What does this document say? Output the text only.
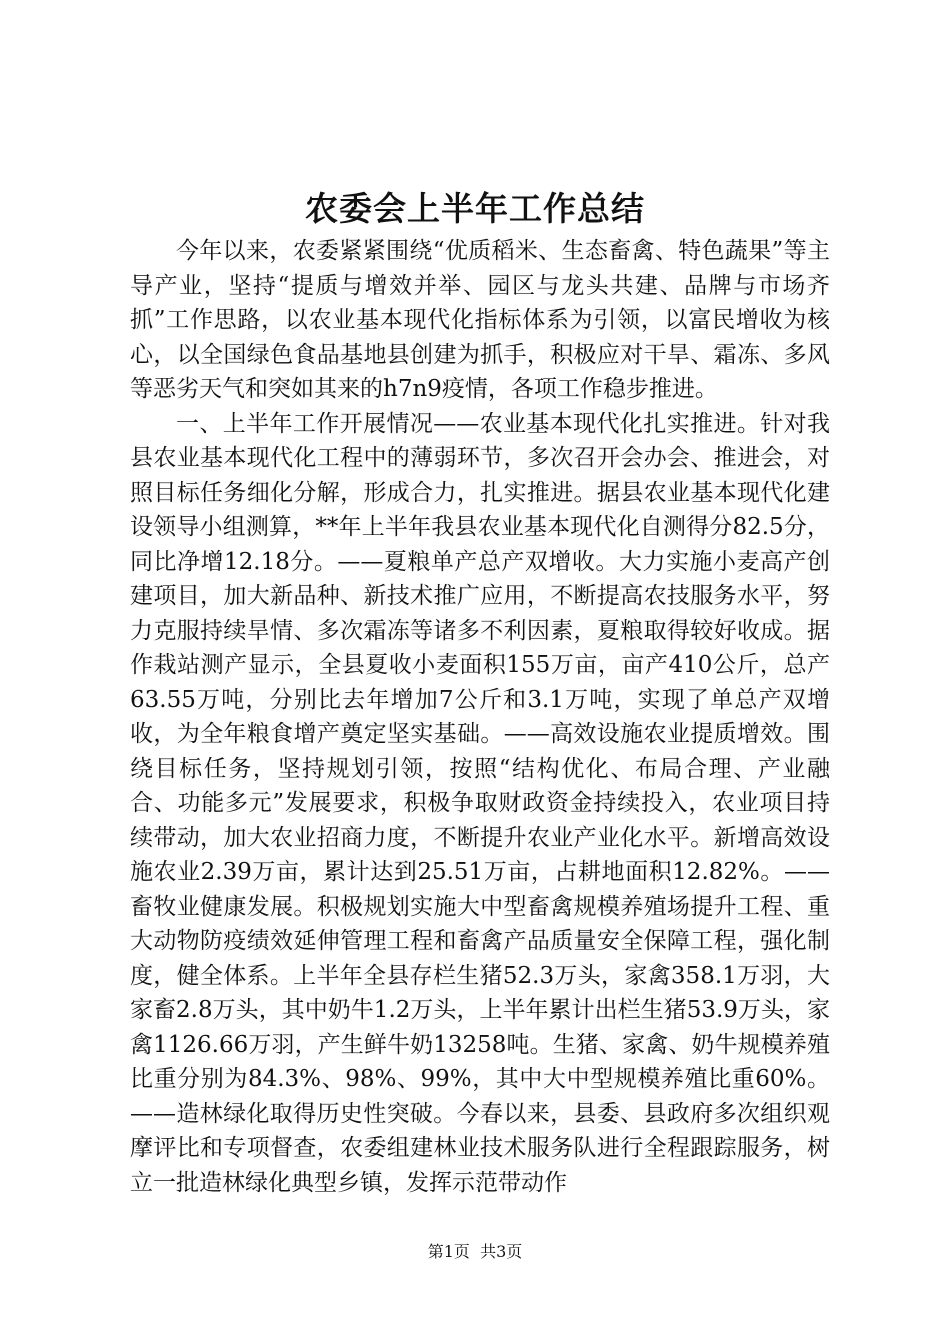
农委会上半年工作总结

今年以来，农委紧紧围绕“优质稻米、生态畜禽、特色蔬果”等主导产业，坚持“提质与增效并举、园区与龙头共建、品牌与市场齐抓”工作思路，以农业基本现代化指标体系为引领，以富民增收为核心，以全国绿色食品基地县创建为抓手，积极应对干旱、霜冻、多风等恶劣天气和突如其来的h7n9疫情，各项工作稳步推进。

一、上半年工作开展情况——农业基本现代化扎实推进。针对我县农业基本现代化工程中的薄弱环节，多次召开会办会、推进会，对照目标任务细化分解，形成合力，扎实推进。据县农业基本现代化建设领导小组测算，**年上半年我县农业基本现代化自测得分82.5分，同比净增12.18分。——夏粮单产总产双增收。大力实施小麦高产创建项目，加大新品种、新技术推广应用，不断提高农技服务水平，努力克服持续旱情、多次霜冻等诸多不利因素，夏粮取得较好收成。据作栽站测产显示，全县夏收小麦面积155万亩，亩产410公斤，总产63.55万吨，分别比去年增加7公斤和3.1万吨，实现了单总产双增收，为全年粮食增产奠定坚实基础。——高效设施农业提质增效。围绕目标任务，坚持规划引领，按照“结构优化、布局合理、产业融合、功能多元”发展要求，积极争取财政资金持续投入，农业项目持续带动，加大农业招商力度，不断提升农业产业化水平。新增高效设施农业2.39万亩，累计达到25.51万亩，占耕地面积12.82%。——畜牧业健康发展。积极规划实施大中型畜禽规模养殖场提升工程、重大动物防疫绩效延伸管理工程和畜禽产品质量安全保障工程，强化制度，健全体系。上半年全县存栏生猪52.3万头，家禽358.1万羽，大家畜2.8万头，其中奶牛1.2万头，上半年累计出栏生猪53.9万头，家禽1126.66万羽，产生鲜牛奶13258吨。生猪、家禽、奶牛规模养殖比重分别为84.3%、98%、99%，其中大中型规模养殖比重60%。——造林绿化取得历史性突破。今春以来，县委、县政府多次组织观摩评比和专项督查，农委组建林业技术服务队进行全程跟踪服务，树立一批造林绿化典型乡镇，发挥示范带动作

第1页 共3页
